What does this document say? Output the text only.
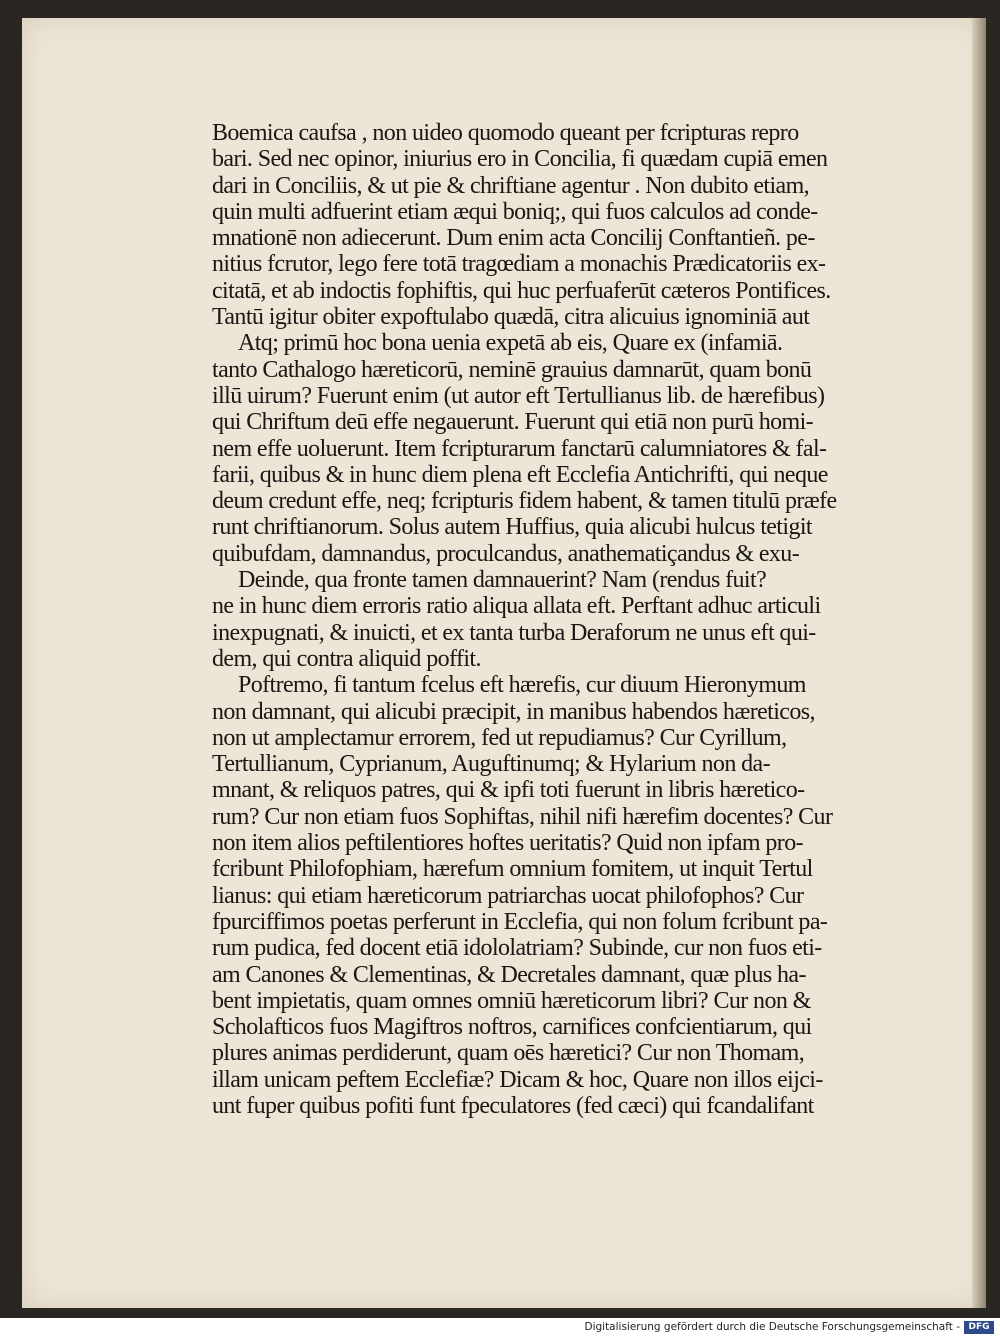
Boemica caufsa , non uideo quomodo queant per fcripturas repro
bari. Sed nec opinor, iniurius ero in Concilia, fi quædam cupiā emen
dari in Conciliis, & ut pie & chriftiane agentur . Non dubito etiam,
quin multi adfuerint etiam æqui boniq;, qui fuos calculos ad conde-
mnationē non adiecerunt. Dum enim acta Concilij Conftantieñ. pe-
nitius fcrutor, lego fere totā tragœdiam a monachis Prædicatoriis ex-
citatā, et ab indoctis fophiftis, qui huc perfuaferūt cæteros Pontifices.
Tantū igitur obiter expoftulabo quædā, citra alicuius ignominiā aut
Atq; primū hoc bona uenia expetā ab eis, Quare ex (infamiā.
tanto Cathalogo hæreticorū, neminē grauius damnarūt, quam bonū
illū uirum? Fuerunt enim (ut autor eft Tertullianus lib. de hærefibus)
qui Chriftum deū effe negauerunt. Fuerunt qui etiā non purū homi-
nem effe uoluerunt. Item fcripturarum fanctarū calumniatores & fal-
farii, quibus & in hunc diem plena eft Ecclefia Antichrifti, qui neque
deum credunt effe, neq; fcripturis fidem habent, & tamen titulū præfe
runt chriftianorum. Solus autem Huffius, quia alicubi hulcus tetigit
quibufdam, damnandus, proculcandus, anathematiçandus & exu-
Deinde, qua fronte tamen damnauerint? Nam (rendus fuit?
ne in hunc diem erroris ratio aliqua allata eft. Perftant adhuc articuli
inexpugnati, & inuicti, et ex tanta turba Deraforum ne unus eft qui-
dem, qui contra aliquid poffit.
Poftremo, fi tantum fcelus eft hærefis, cur diuum Hieronymum
non damnant, qui alicubi præcipit, in manibus habendos hæreticos,
non ut amplectamur errorem, fed ut repudiamus? Cur Cyrillum,
Tertullianum, Cyprianum, Auguftinumq; & Hylarium non da-
mnant, & reliquos patres, qui & ipfi toti fuerunt in libris hæretico-
rum? Cur non etiam fuos Sophiftas, nihil nifi hærefim docentes? Cur
non item alios peftilentiores hoftes ueritatis? Quid non ipfam pro-
fcribunt Philofophiam, hærefum omnium fomitem, ut inquit Tertul
lianus: qui etiam hæreticorum patriarchas uocat philofophos? Cur
fpurciffimos poetas perferunt in Ecclefia, qui non folum fcribunt pa-
rum pudica, fed docent etiā idololatriam? Subinde, cur non fuos eti-
am Canones & Clementinas, & Decretales damnant, quæ plus ha-
bent impietatis, quam omnes omniū hæreticorum libri? Cur non &
Scholafticos fuos Magiftros noftros, carnifices confcientiarum, qui
plures animas perdiderunt, quam oēs hæretici? Cur non Thomam,
illam unicam peftem Ecclefiæ? Dicam & hoc, Quare non illos eijci-
unt fuper quibus pofiti funt fpeculatores (fed cæci) qui fcandalifant
Digitalisierung gefördert durch die Deutsche Forschungsgemeinschaft - DFG
